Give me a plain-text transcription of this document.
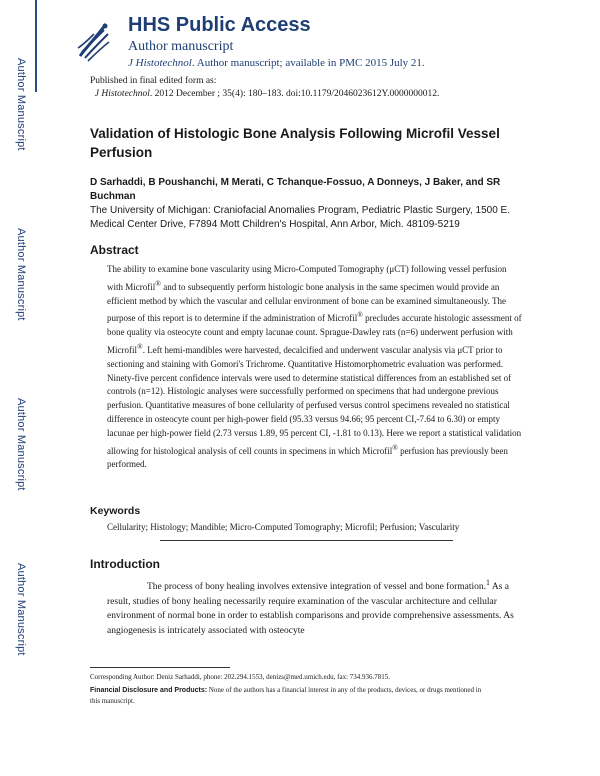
Author Manuscript
Author Manuscript
Author Manuscript
Author Manuscript
HHS Public Access
Author manuscript
J Histotechnol. Author manuscript; available in PMC 2015 July 21.
Published in final edited form as:
J Histotechnol. 2012 December ; 35(4): 180–183. doi:10.1179/2046023612Y.0000000012.
Validation of Histologic Bone Analysis Following Microfil Vessel Perfusion
D Sarhaddi, B Poushanchi, M Merati, C Tchanque-Fossuo, A Donneys, J Baker, and SR Buchman
The University of Michigan: Craniofacial Anomalies Program, Pediatric Plastic Surgery, 1500 E. Medical Center Drive, F7894 Mott Children's Hospital, Ann Arbor, Mich. 48109-5219
Abstract
The ability to examine bone vascularity using Micro-Computed Tomography (μCT) following vessel perfusion with Microfil® and to subsequently perform histologic bone analysis in the same specimen would provide an efficient method by which the vascular and cellular environment of bone can be examined simultaneously. The purpose of this report is to determine if the administration of Microfil® precludes accurate histologic assessment of bone quality via osteocyte count and empty lacunae count. Sprague-Dawley rats (n=6) underwent perfusion with Microfil®. Left hemi-mandibles were harvested, decalcified and underwent vascular analysis via μCT prior to sectioning and staining with Gomori's Trichrome. Quantitative Histomorphometric evaluation was performed. Ninety-five percent confidence intervals were used to determine statistical differences from an established set of controls (n=12). Histologic analyses were successfully performed on specimens that had undergone previous perfusion. Quantitative measures of bone cellularity of perfused versus control specimens revealed no statistical difference in osteocyte count per high-power field (95.33 versus 94.66; 95 percent CI,-7.64 to 6.30) or empty lacunae per high-power field (2.73 versus 1.89, 95 percent CI, -1.81 to 0.13). Here we report a statistical validation allowing for histological analysis of cell counts in specimens in which Microfil® perfusion has previously been performed.
Keywords
Cellularity; Histology; Mandible; Micro-Computed Tomography; Microfil; Perfusion; Vascularity
Introduction
The process of bony healing involves extensive integration of vessel and bone formation.$^1$ As a result, studies of bony healing necessarily require examination of the vascular architecture and cellular environment of normal bone in order to establish comparisons and provide comprehensive assessments. As angiogenesis is intricately associated with osteocyte
Corresponding Author: Deniz Sarhaddi, phone: 202.294.1553, denizs@med.umich.edu, fax: 734.936.7815.
Financial Disclosure and Products: None of the authors has a financial interest in any of the products, devices, or drugs mentioned in this manuscript.
